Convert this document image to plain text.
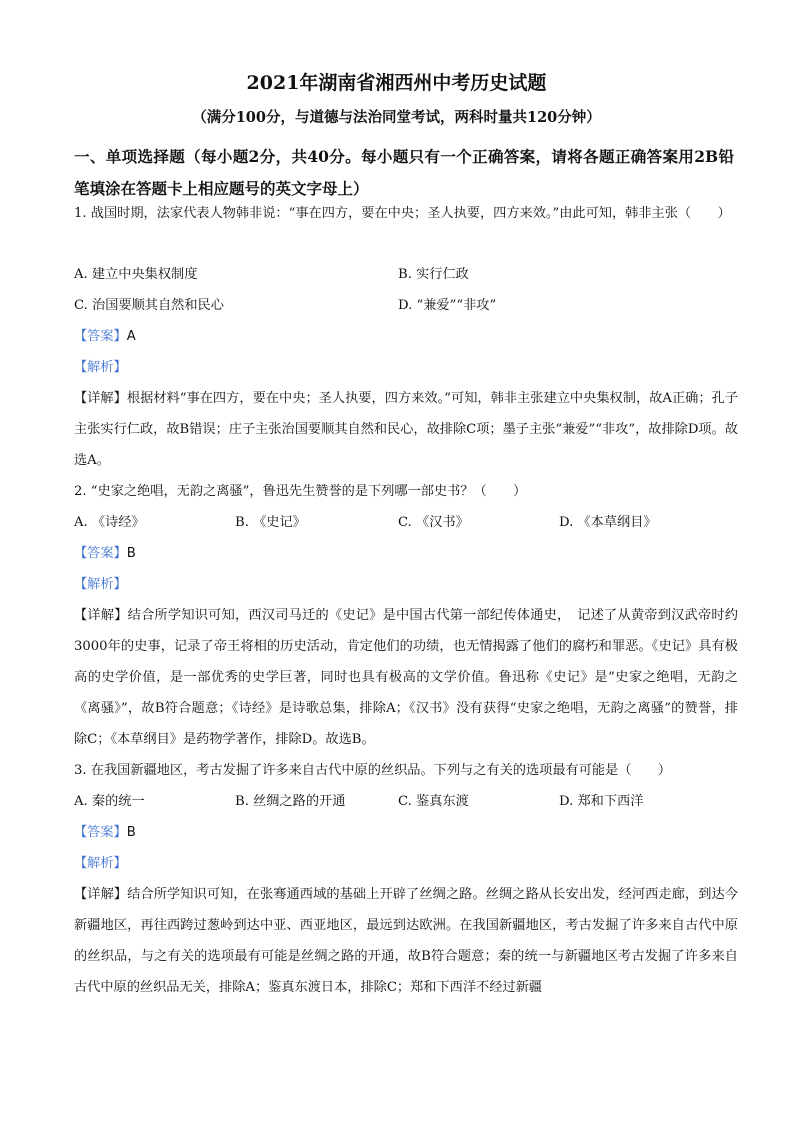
2021年湖南省湘西州中考历史试题

（满分100分，与道德与法治同堂考试，两科时量共120分钟）

一、单项选择题（每小题2分，共40分。每小题只有一个正确答案，请将各题正确答案用2B铅笔填涂在答题卡上相应题号的英文字母上）

1. 战国时期，法家代表人物韩非说：“事在四方，要在中央；圣人执要，四方来效。”由此可知，韩非主张（　　）

A. 建立中央集权制度	B. 实行仁政
C. 治国要顺其自然和民心	D. “兼爱”“非攻”

【答案】A

【解析】

【详解】根据材料“事在四方，要在中央；圣人执要，四方来效。”可知，韩非主张建立中央集权制，故A正确；孔子主张实行仁政，故B错误；庄子主张治国要顺其自然和民心，故排除C项；墨子主张“兼爱”“非攻”，故排除D项。故选A。

2. “史家之绝唱，无韵之离骚”，鲁迅先生赞誉的是下列哪一部史书？（　　）

A. 《诗经》	B. 《史记》	C. 《汉书》	D. 《本草纲目》

【答案】B

【解析】

【详解】结合所学知识可知，西汉司马迁的《史记》是中国古代第一部纪传体通史，　记述了从黄帝到汉武帝时约3000年的史事，记录了帝王将相的历史活动，肯定他们的功绩，也无情揭露了他们的腐朽和罪恶。《史记》具有极高的史学价值，是一部优秀的史学巨著，同时也具有极高的文学价值。鲁迅称《史记》是“史家之绝唱，无韵之《离骚》”，故B符合题意；《诗经》是诗歌总集，排除A；《汉书》没有获得“史家之绝唱，无韵之离骚”的赞誉，排除C；《本草纲目》是药物学著作，排除D。故选B。

3. 在我国新疆地区，考古发掘了许多来自古代中原的丝织品。下列与之有关的选项最有可能是（　　）

A. 秦的统一	B. 丝绸之路的开通	C. 鉴真东渡	D. 郑和下西洋

【答案】B

【解析】

【详解】结合所学知识可知，在张骞通西域的基础上开辟了丝绸之路。丝绸之路从长安出发，经河西走廊，到达今新疆地区，再往西跨过葱岭到达中亚、西亚地区，最远到达欧洲。在我国新疆地区，考古发掘了许多来自古代中原的丝织品，与之有关的选项最有可能是丝绸之路的开通，故B符合题意；秦的统一与新疆地区考古发掘了许多来自古代中原的丝织品无关，排除A；鉴真东渡日本，排除C；郑和下西洋不经过新疆
